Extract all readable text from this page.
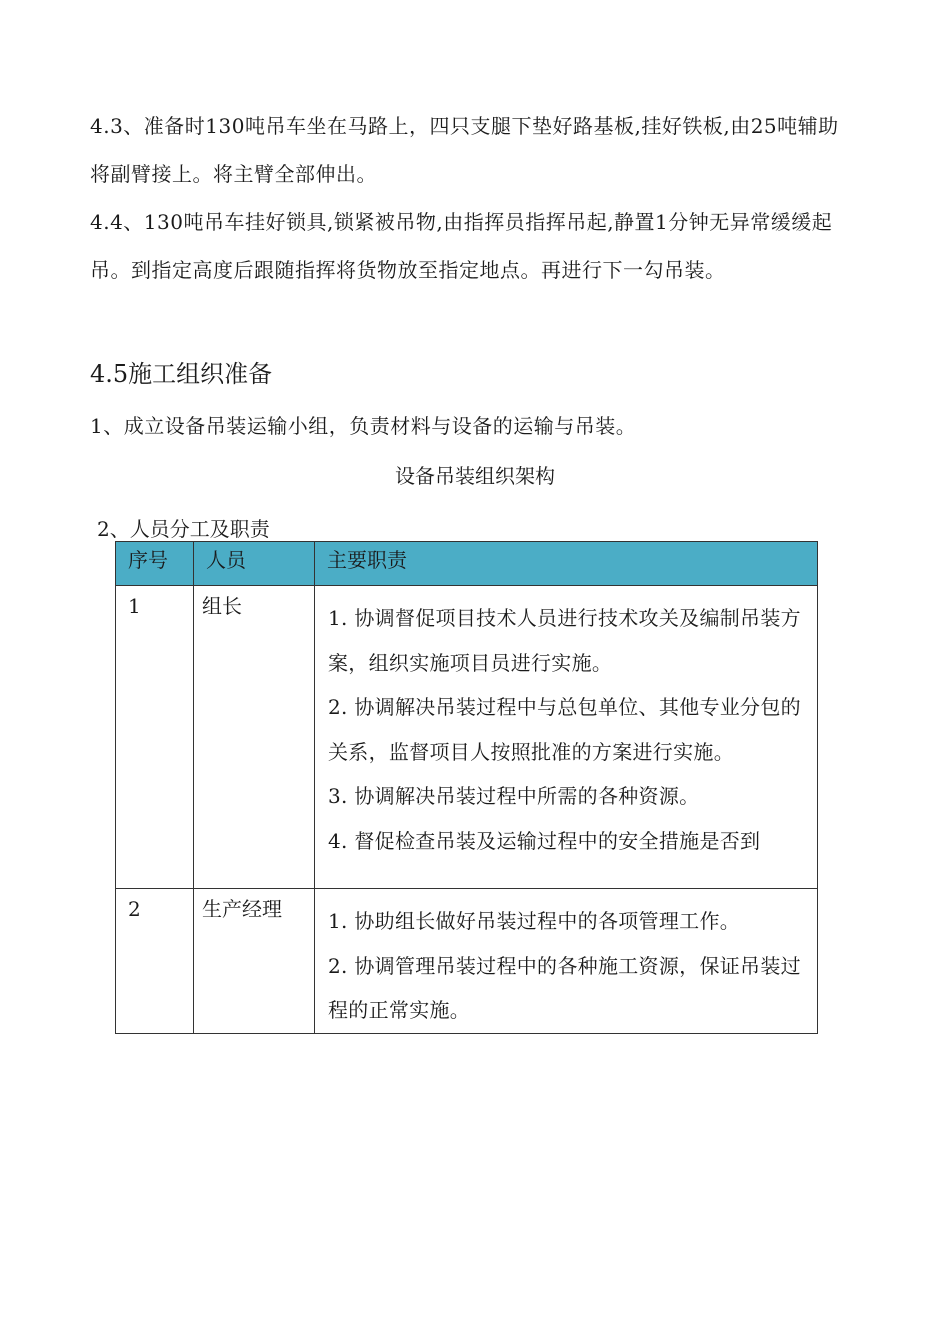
4.3、准备时130吨吊车坐在马路上，四只支腿下垫好路基板,挂好铁板,由25吨辅助将副臂接上。将主臂全部伸出。

4.4、130吨吊车挂好锁具,锁紧被吊物,由指挥员指挥吊起,静置1分钟无异常缓缓起吊。到指定高度后跟随指挥将货物放至指定地点。再进行下一勾吊装。

4.5施工组织准备

1、成立设备吊装运输小组，负责材料与设备的运输与吊装。

设备吊装组织架构

2、人员分工及职责

序号	人员	主要职责
1	组长	1. 协调督促项目技术人员进行技术攻关及编制吊装方案，组织实施项目员进行实施。

2. 协调解决吊装过程中与总包单位、其他专业分包的关系，监督项目人按照批准的方案进行实施。

3. 协调解决吊装过程中所需的各种资源。

4. 督促检查吊装及运输过程中的安全措施是否到

2	生产经理	1. 协助组长做好吊装过程中的各项管理工作。

2. 协调管理吊装过程中的各种施工资源，保证吊装过程的正常实施。
